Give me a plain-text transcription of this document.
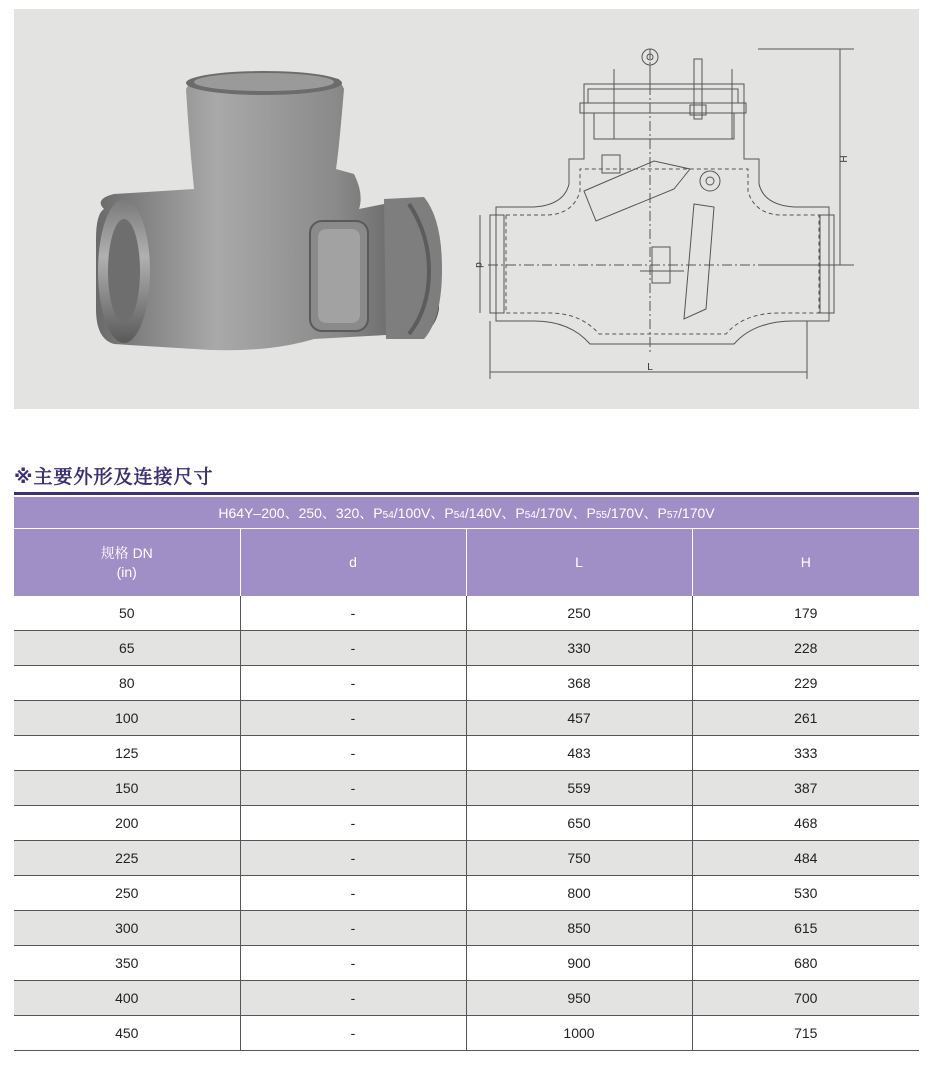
H
d
L
※主要外形及连接尺寸
H64Y–200、250、320、P54/100V、P54/140V、P54/170V、P55/170V、P57/170V			

规格 DN
(in)	d	L	H
50	-	250	179
65	-	330	228
80	-	368	229
100	-	457	261
125	-	483	333
150	-	559	387
200	-	650	468
225	-	750	484
250	-	800	530
300	-	850	615
350	-	900	680
400	-	950	700
450	-	1000	715
